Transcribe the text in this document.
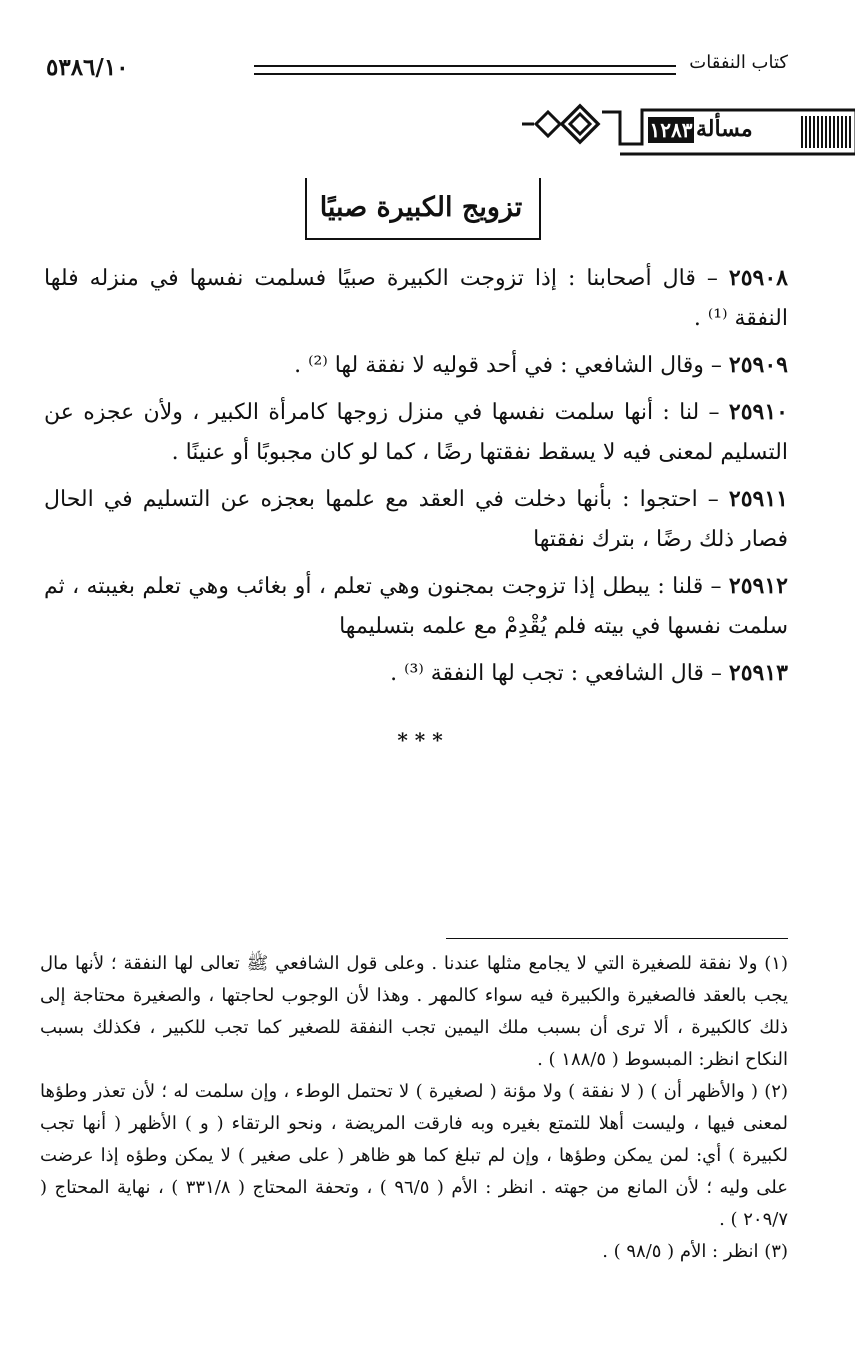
٥٣٨٦/١٠	كتاب النفقات
مسألة
١٢٨٣
تزويج الكبيرة صبيًا

٢٥٩٠٨ – قال أصحابنا : إذا تزوجت الكبيرة صبيًا فسلمت نفسها في منزله فلها النفقة ⁽¹⁾ .

٢٥٩٠٩ – وقال الشافعي : في أحد قوليه لا نفقة لها ⁽²⁾ .

٢٥٩١٠ – لنا : أنها سلمت نفسها في منزل زوجها كامرأة الكبير ، ولأن عجزه عن التسليم لمعنى فيه لا يسقط نفقتها رضًا ، كما لو كان مجبوبًا أو عنينًا .

٢٥٩١١ – احتجوا : بأنها دخلت في العقد مع علمها بعجزه عن التسليم في الحال فصار ذلك رضًا ، بترك نفقتها

٢٥٩١٢ – قلنا : يبطل إذا تزوجت بمجنون وهي تعلم ، أو بغائب وهي تعلم بغيبته ، ثم سلمت نفسها في بيته فلم يُقْدِمْ مع علمه بتسليمها

٢٥٩١٣ – قال الشافعي : تجب لها النفقة ⁽³⁾ .

* * *

(١) ولا نفقة للصغيرة التي لا يجامع مثلها عندنا . وعلى قول الشافعي ﷺ تعالى لها النفقة ؛ لأنها مال يجب بالعقد فالصغيرة والكبيرة فيه سواء كالمهر . وهذا لأن الوجوب لحاجتها ، والصغيرة محتاجة إلى ذلك كالكبيرة ، ألا ترى أن بسبب ملك اليمين تجب النفقة للصغير كما تجب للكبير ، فكذلك بسبب النكاح انظر: المبسوط ( ١٨٨/٥ ) .

(٢) ( والأظهر أن ) ( لا نفقة ) ولا مؤنة ( لصغيرة ) لا تحتمل الوطء ، وإن سلمت له ؛ لأن تعذر وطؤها لمعنى فيها ، وليست أهلا للتمتع بغيره وبه فارقت المريضة ، ونحو الرتقاء ( و ) الأظهر ( أنها تجب لكبيرة ) أي: لمن يمكن وطؤها ، وإن لم تبلغ كما هو ظاهر ( على صغير ) لا يمكن وطؤه إذا عرضت على وليه ؛ لأن المانع من جهته . انظر : الأم ( ٩٦/٥ ) ، وتحفة المحتاج ( ٣٣١/٨ ) ، نهاية المحتاج ( ٢٠٩/٧ ) .

(٣) انظر : الأم ( ٩٨/٥ ) .
